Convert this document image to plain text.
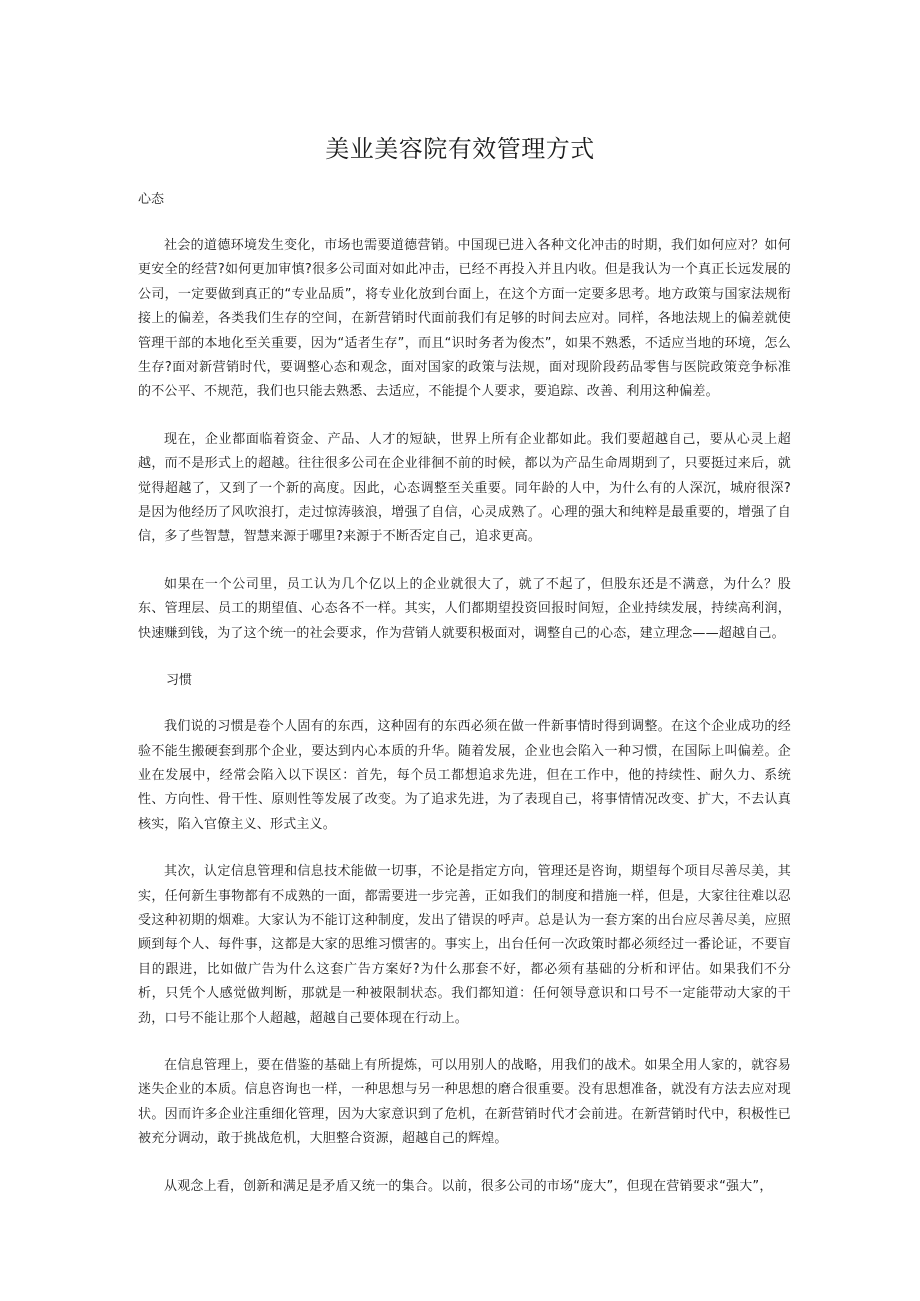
美业美容院有效管理方式

心态

社会的道德环境发生变化，市场也需要道德营销。中国现已进入各种文化冲击的时期，我们如何应对？如何更安全的经营?如何更加审慎?很多公司面对如此冲击，已经不再投入并且内收。但是我认为一个真正长远发展的公司，一定要做到真正的“专业品质”，将专业化放到台面上，在这个方面一定要多思考。地方政策与国家法规衔接上的偏差，各类我们生存的空间，在新营销时代面前我们有足够的时间去应对。同样，各地法规上的偏差就使管理干部的本地化至关重要，因为“适者生存”，而且“识时务者为俊杰”，如果不熟悉，不适应当地的环境，怎么生存?面对新营销时代，要调整心态和观念，面对国家的政策与法规，面对现阶段药品零售与医院政策竞争标准的不公平、不规范，我们也只能去熟悉、去适应，不能提个人要求，要追踪、改善、利用这种偏差。

现在，企业都面临着资金、产品、人才的短缺，世界上所有企业都如此。我们要超越自己，要从心灵上超越，而不是形式上的超越。往往很多公司在企业徘徊不前的时候，都以为产品生命周期到了，只要挺过来后，就觉得超越了，又到了一个新的高度。因此，心态调整至关重要。同年龄的人中，为什么有的人深沉，城府很深?是因为他经历了风吹浪打，走过惊涛骇浪，增强了自信，心灵成熟了。心理的强大和纯粹是最重要的，增强了自信，多了些智慧，智慧来源于哪里?来源于不断否定自己，追求更高。

如果在一个公司里，员工认为几个亿以上的企业就很大了，就了不起了，但股东还是不满意，为什么？股东、管理层、员工的期望值、心态各不一样。其实，人们都期望投资回报时间短，企业持续发展，持续高利润，快速赚到钱，为了这个统一的社会要求，作为营销人就要积极面对，调整自己的心态，建立理念——超越自己。

习惯

我们说的习惯是卷个人固有的东西，这种固有的东西必须在做一件新事情时得到调整。在这个企业成功的经验不能生搬硬套到那个企业，要达到内心本质的升华。随着发展，企业也会陷入一种习惯，在国际上叫偏差。企业在发展中，经常会陷入以下误区：首先，每个员工都想追求先进，但在工作中，他的持续性、耐久力、系统性、方向性、骨干性、原则性等发展了改变。为了追求先进，为了表现自己，将事情情况改变、扩大，不去认真核实，陷入官僚主义、形式主义。

其次，认定信息管理和信息技术能做一切事，不论是指定方向，管理还是咨询，期望每个项目尽善尽美，其实，任何新生事物都有不成熟的一面，都需要进一步完善，正如我们的制度和措施一样，但是，大家往往难以忍受这种初期的烟难。大家认为不能订这种制度，发出了错误的呼声。总是认为一套方案的出台应尽善尽美，应照顾到每个人、每件事，这都是大家的思维习惯害的。事实上，出台任何一次政策时都必须经过一番论证，不要盲目的跟进，比如做广告为什么这套广告方案好?为什么那套不好，都必须有基础的分析和评估。如果我们不分析，只凭个人感觉做判断，那就是一种被限制状态。我们都知道：任何领导意识和口号不一定能带动大家的干劲，口号不能让那个人超越，超越自己要体现在行动上。

在信息管理上，要在借鉴的基础上有所提炼，可以用别人的战略，用我们的战术。如果全用人家的，就容易迷失企业的本质。信息咨询也一样，一种思想与另一种思想的磨合很重要。没有思想准备，就没有方法去应对现状。因而许多企业注重细化管理，因为大家意识到了危机，在新营销时代才会前进。在新营销时代中，积极性已被充分调动，敢于挑战危机，大胆整合资源，超越自己的辉煌。

从观念上看，创新和满足是矛盾又统一的集合。以前，很多公司的市场“庞大”，但现在营销要求“强大”，
